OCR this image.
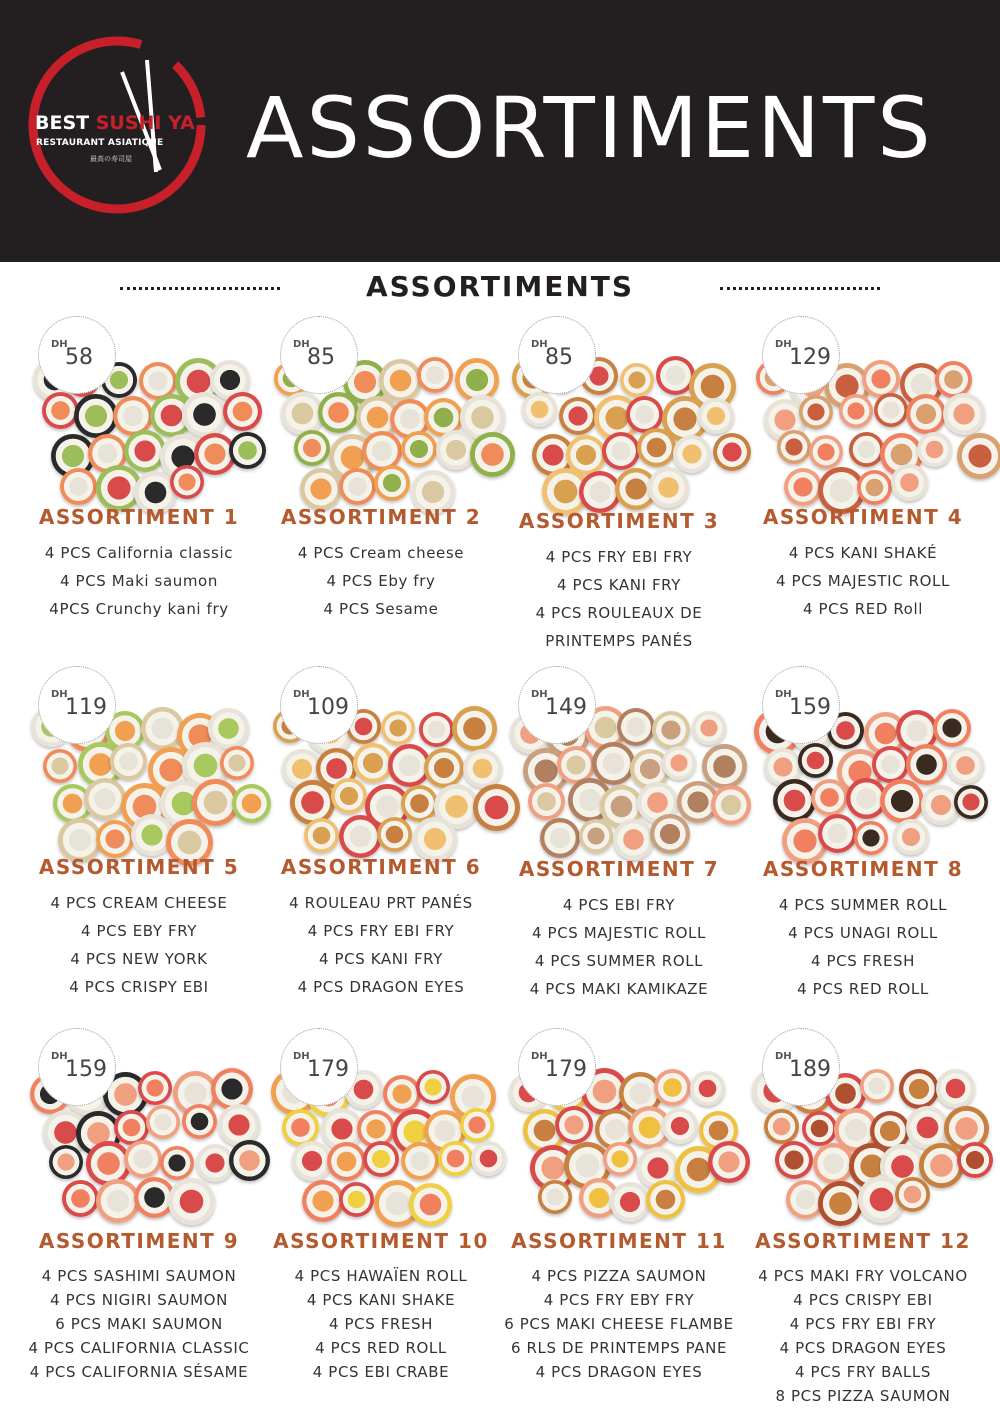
BEST SUSHI YA
RESTAURANT ASIATIQUE
最高の寿司屋 ASSORTIMENTS
ASSORTIMENTS
DH
58
ASSORTIMENT 1
4 PCS California classic
4 PCS Maki saumon
4PCS Crunchy kani fry
DH
85
ASSORTIMENT 2
4 PCS Cream cheese
4 PCS Eby fry
4 PCS Sesame
DH
85
ASSORTIMENT 3
4 PCS FRY EBI FRY
4 PCS KANI FRY
4 PCS ROULEAUX DE
PRINTEMPS PANÉS
DH
129
ASSORTIMENT 4
4 PCS KANI SHAKÉ
4 PCS MAJESTIC ROLL
4 PCS RED Roll
DH
119
ASSORTIMENT 5
4 PCS CREAM CHEESE
4 PCS EBY FRY
4 PCS NEW YORK
4 PCS CRISPY EBI
DH
109
ASSORTIMENT 6
4 ROULEAU PRT PANÉS
4 PCS FRY EBI FRY
4 PCS KANI FRY
4 PCS DRAGON EYES
DH
149
ASSORTIMENT 7
4 PCS EBI FRY
4 PCS MAJESTIC ROLL
4 PCS SUMMER ROLL
4 PCS MAKI KAMIKAZE
DH
159
ASSORTIMENT 8
4 PCS SUMMER ROLL
4 PCS UNAGI ROLL
4 PCS FRESH
4 PCS RED ROLL
DH
159
ASSORTIMENT 9
4 PCS SASHIMI SAUMON
4 PCS NIGIRI SAUMON
6 PCS MAKI SAUMON
4 PCS CALIFORNIA CLASSIC
4 PCS CALIFORNIA SÉSAME
DH
179
ASSORTIMENT 10
4 PCS HAWAÏEN ROLL
4 PCS KANI SHAKE
4 PCS FRESH
4 PCS RED ROLL
4 PCS EBI CRABE
DH
179
ASSORTIMENT 11
4 PCS PIZZA SAUMON
4 PCS FRY EBY FRY
6 PCS MAKI CHEESE FLAMBE
6 RLS DE PRINTEMPS PANE
4 PCS DRAGON EYES
DH
189
ASSORTIMENT 12
4 PCS MAKI FRY VOLCANO
4 PCS CRISPY EBI
4 PCS FRY EBI FRY
4 PCS DRAGON EYES
4 PCS FRY BALLS
8 PCS PIZZA SAUMON
